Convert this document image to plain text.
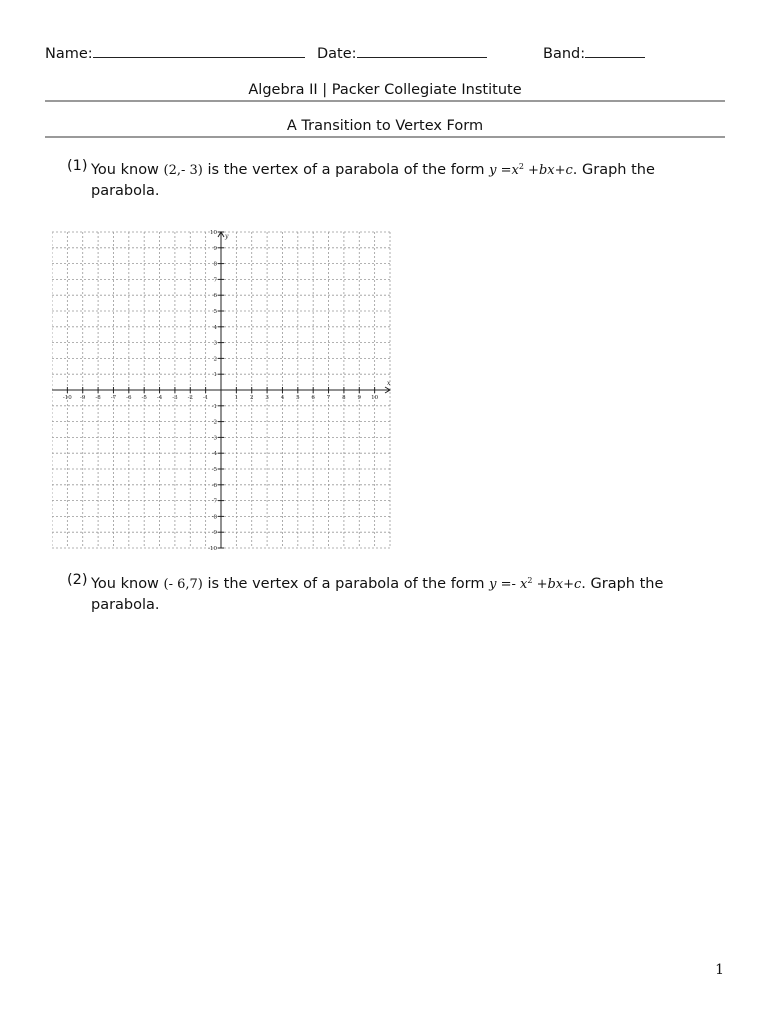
Name:	Date:	Band:
Algebra II | Packer Collegiate Institute
A Transition to Vertex Form
(1) You know (2,- 3) is the vertex of a parabola of the form $y =x^2 +bx+c$. Graph the parabola.
-10 -9 -8 -7 -6 -5 -4 -3 -2 -1	1 2 3 4 5 6 7 8 9 10
10
9
8
7
6
5
4
3
2
1
-1
-2
-3
-4
-5
-6
-7
-8
-9
-10
x
y
(2) You know (- 6,7) is the vertex of a parabola of the form $y =- x^2 +bx+c$. Graph the parabola.
1
